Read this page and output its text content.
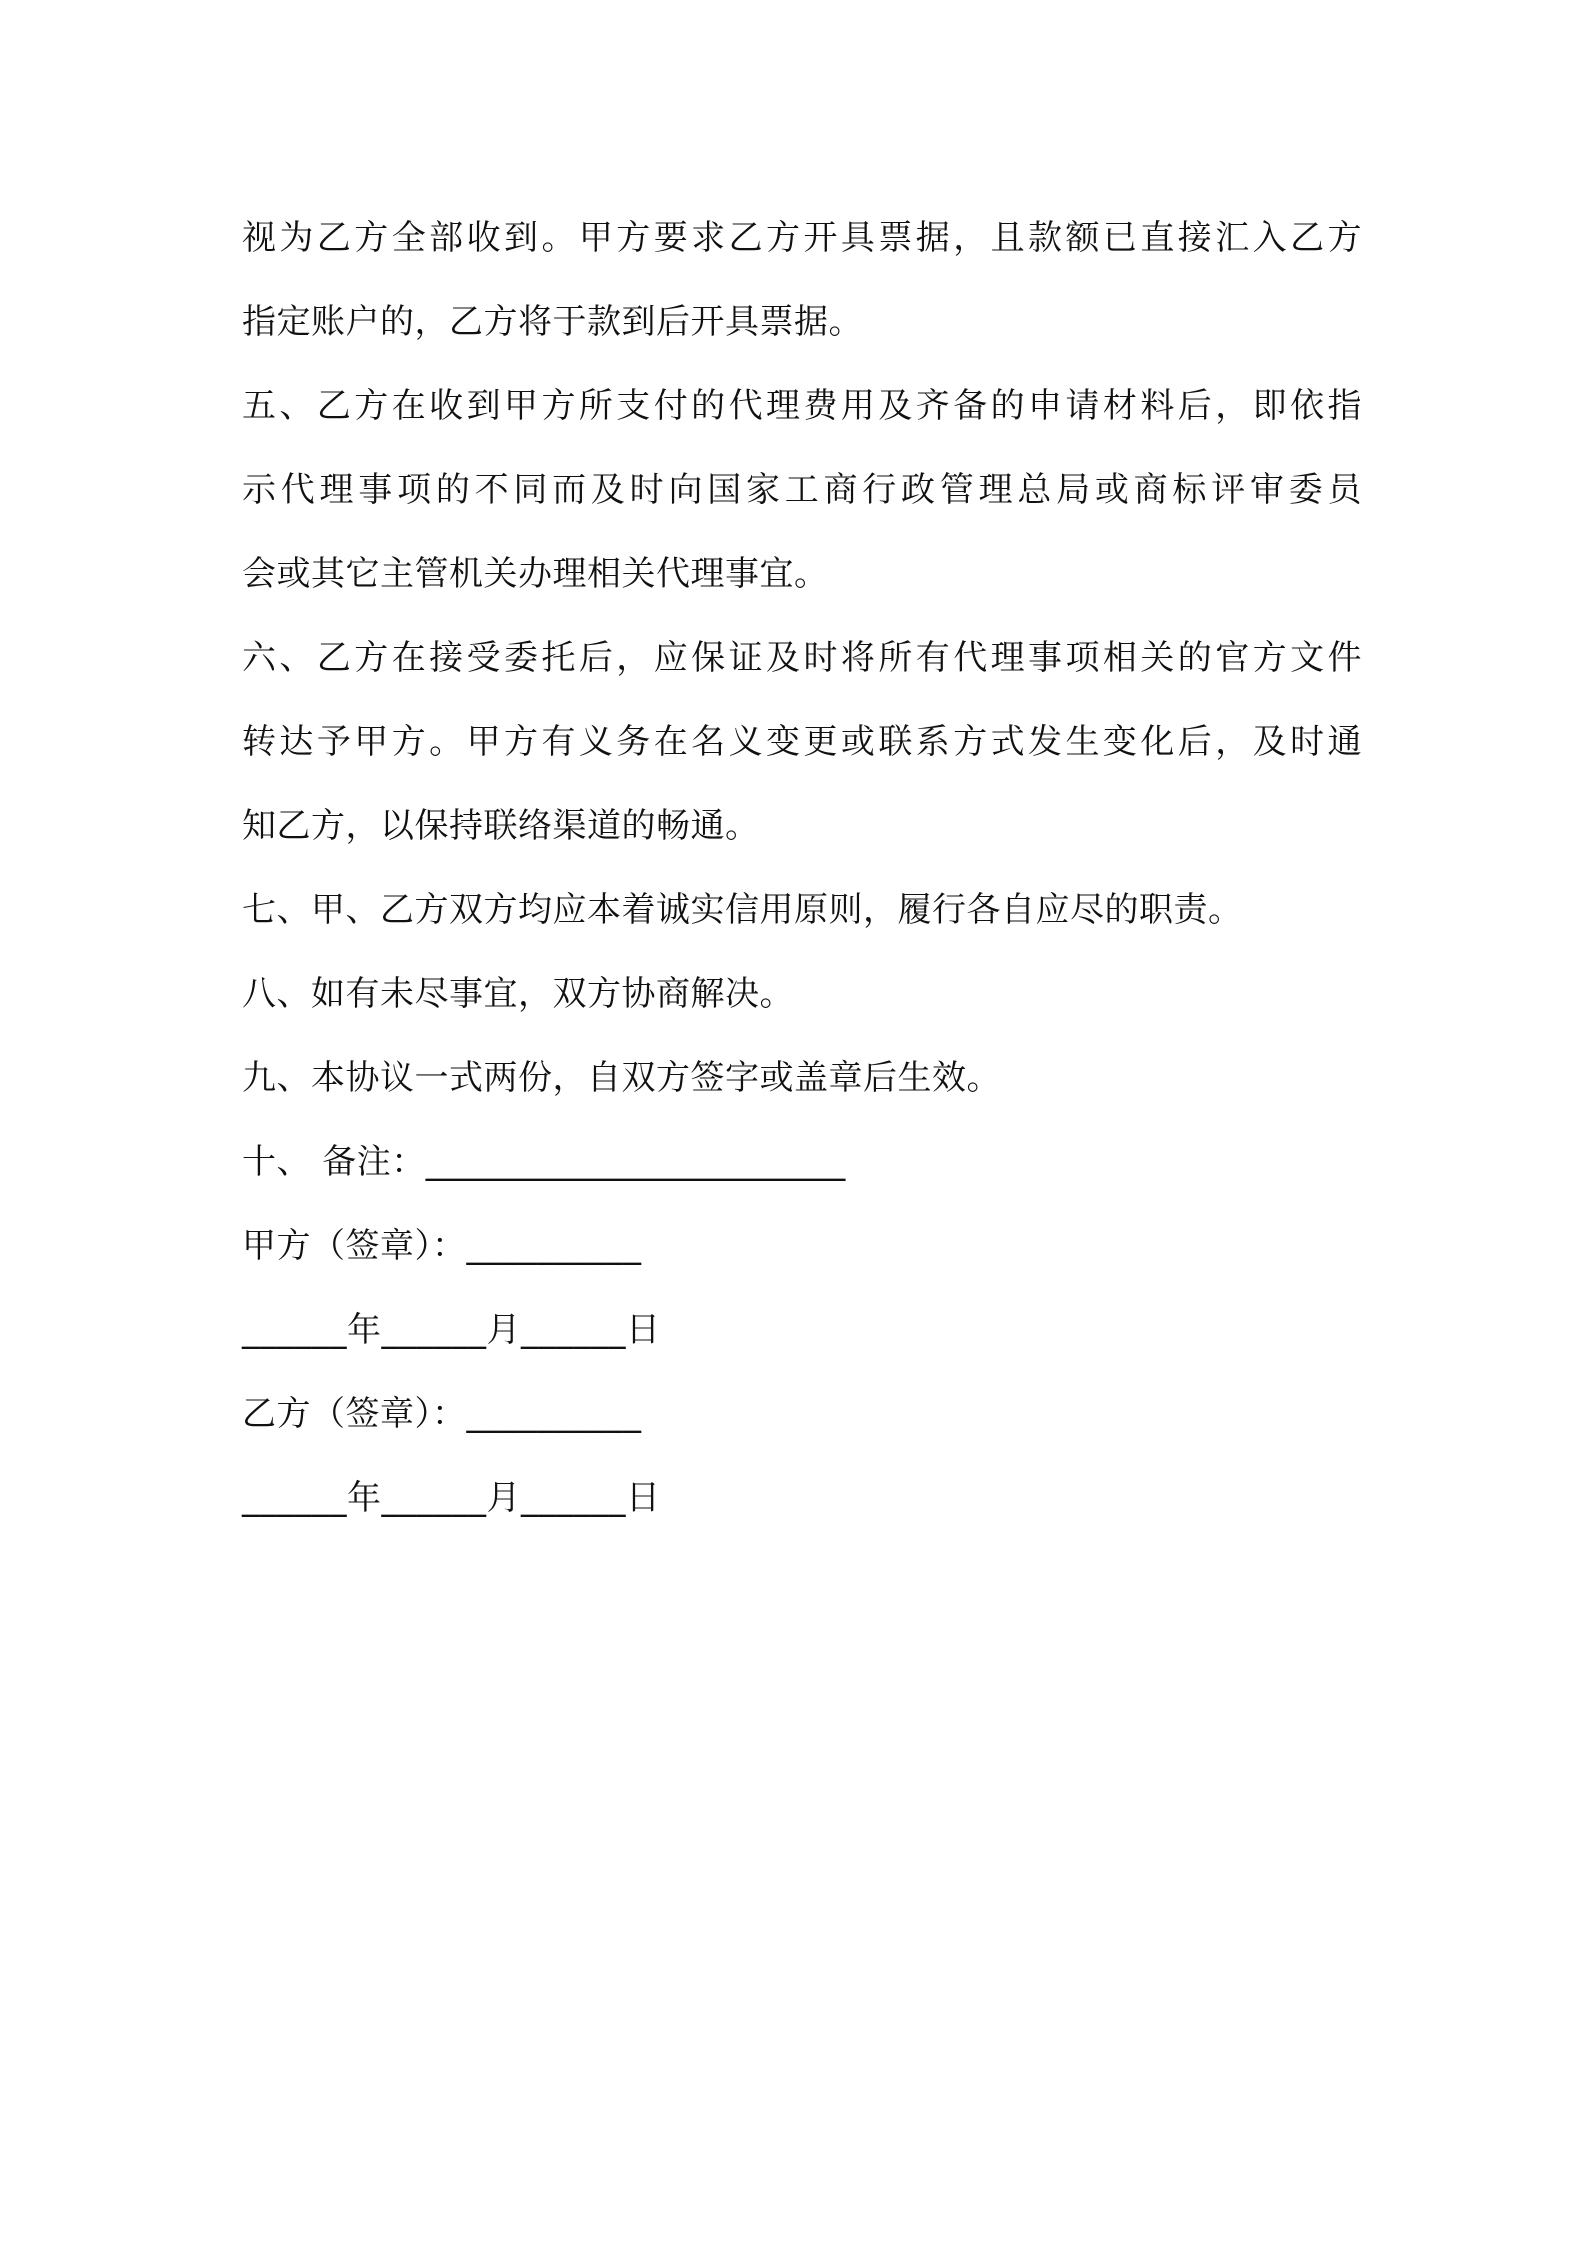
视为乙方全部收到。甲方要求乙方开具票据，且款额已直接汇入乙方
指定账户的，乙方将于款到后开具票据。
五、乙方在收到甲方所支付的代理费用及齐备的申请材料后，即依指
示代理事项的不同而及时向国家工商行政管理总局或商标评审委员
会或其它主管机关办理相关代理事宜。
六、乙方在接受委托后，应保证及时将所有代理事项相关的官方文件
转达予甲方。甲方有义务在名义变更或联系方式发生变化后，及时通
知乙方，以保持联络渠道的畅通。
七、甲、乙方双方均应本着诚实信用原则，履行各自应尽的职责。
八、如有未尽事宜，双方协商解决。
九、本协议一式两份，自双方签字或盖章后生效。
十、 备注：________________________
甲方（签章）：__________
______年______月______日
乙方（签章）：__________
______年______月______日
